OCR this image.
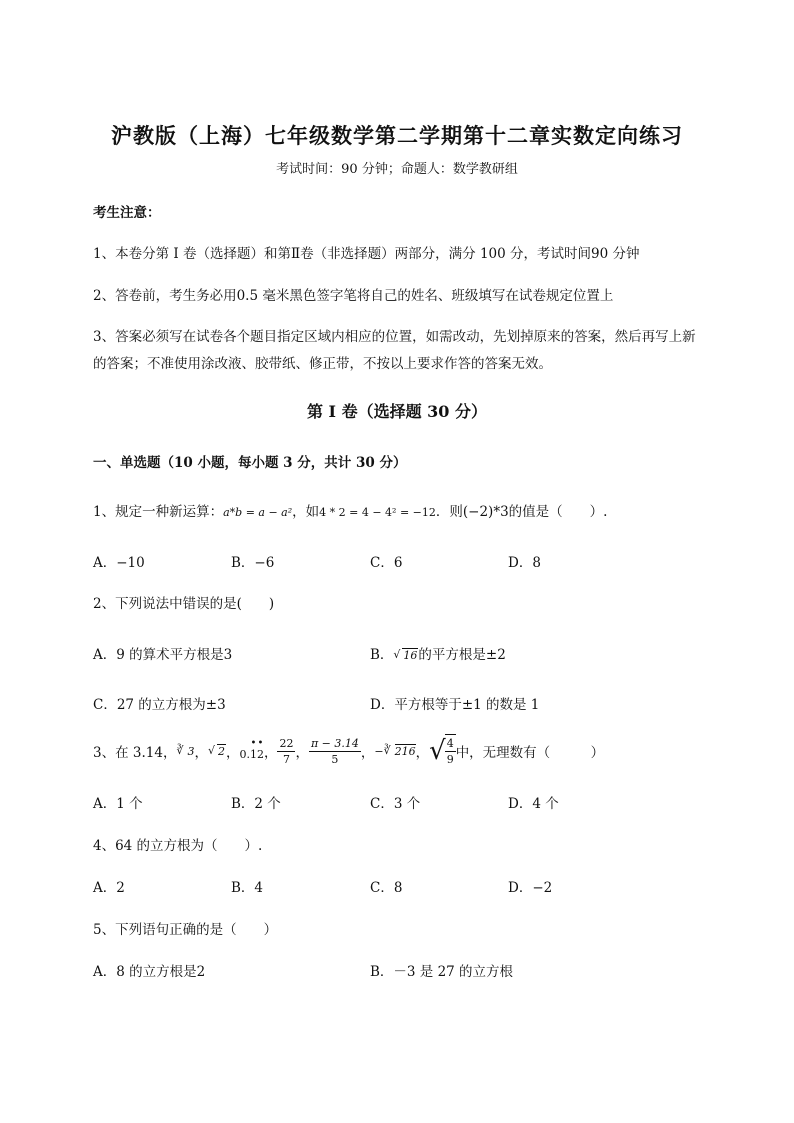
沪教版（上海）七年级数学第二学期第十二章实数定向练习
考试时间：90 分钟；命题人：数学教研组
考生注意：
1、本卷分第 I 卷（选择题）和第Ⅱ卷（非选择题）两部分，满分 100 分，考试时间90 分钟
2、答卷前，考生务必用0.5 毫米黑色签字笔将自己的姓名、班级填写在试卷规定位置上
3、答案必须写在试卷各个题目指定区域内相应的位置，如需改动，先划掉原来的答案，然后再写上新
的答案；不准使用涂改液、胶带纸、修正带，不按以上要求作答的答案无效。
第 I 卷（选择题 30 分）
一、单选题（10 小题，每小题 3 分，共计 30 分）
1、规定一种新运算：a*b = a − a²，如4 * 2 = 4 − 4² = −12．则(−2)*3的值是（　　）.
A．−10	B．−6	C．6	D．8
2、下列说法中错误的是(　　)
A．9 的算术平方根是3	B． √ 16的平方根是±2
C．27 的立方根为±3	D．平方根等于±1 的数是 1
3、在 3.14，	∛ 3 ， √ 2 ， 0.
•
1
•
2 ， $\frac{22}{7}$ ， $\frac{\pi - 3.14}{5}$ ， −	∛ 216 ， √ $\frac{4}{9}$ 中，无理数有（　　　）
A．1 个	B．2 个	C．3 个	D．4 个
4、64 的立方根为（　　）.
A．2	B．4	C．8	D．−2
5、下列语句正确的是（　　）
A．8 的立方根是2	B．－3 是 27 的立方根
